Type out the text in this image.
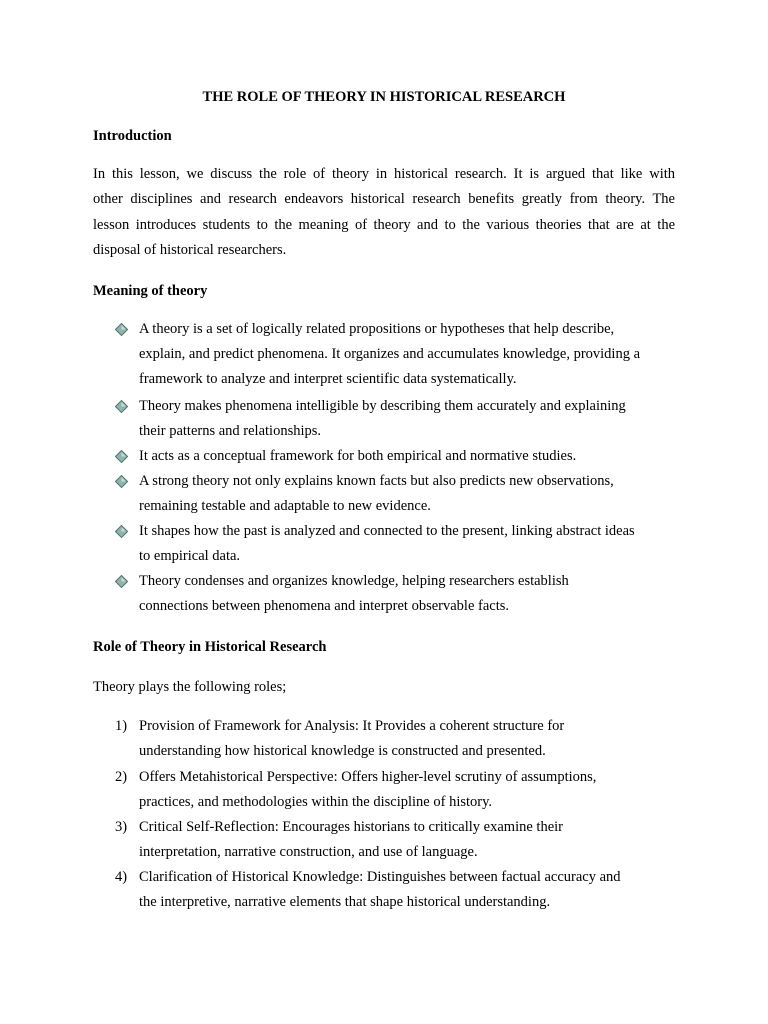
THE ROLE OF THEORY IN HISTORICAL RESEARCH
Introduction
In this lesson, we discuss the role of theory in historical research. It is argued that like with
other disciplines and research endeavors historical research benefits greatly from theory. The
lesson introduces students to the meaning of theory and to the various theories that are at the
disposal of historical researchers.
Meaning of theory
A theory is a set of logically related propositions or hypotheses that help describe,
explain, and predict phenomena. It organizes and accumulates knowledge, providing a
framework to analyze and interpret scientific data systematically.
Theory makes phenomena intelligible by describing them accurately and explaining
their patterns and relationships.
It acts as a conceptual framework for both empirical and normative studies.
A strong theory not only explains known facts but also predicts new observations,
remaining testable and adaptable to new evidence.
It shapes how the past is analyzed and connected to the present, linking abstract ideas
to empirical data.
Theory condenses and organizes knowledge, helping researchers establish
connections between phenomena and interpret observable facts.
Role of Theory in Historical Research
Theory plays the following roles;
1) Provision of Framework for Analysis: It Provides a coherent structure for
understanding how historical knowledge is constructed and presented.
2) Offers Metahistorical Perspective: Offers higher-level scrutiny of assumptions,
practices, and methodologies within the discipline of history.
3) Critical Self-Reflection: Encourages historians to critically examine their
interpretation, narrative construction, and use of language.
4) Clarification of Historical Knowledge: Distinguishes between factual accuracy and
the interpretive, narrative elements that shape historical understanding.
